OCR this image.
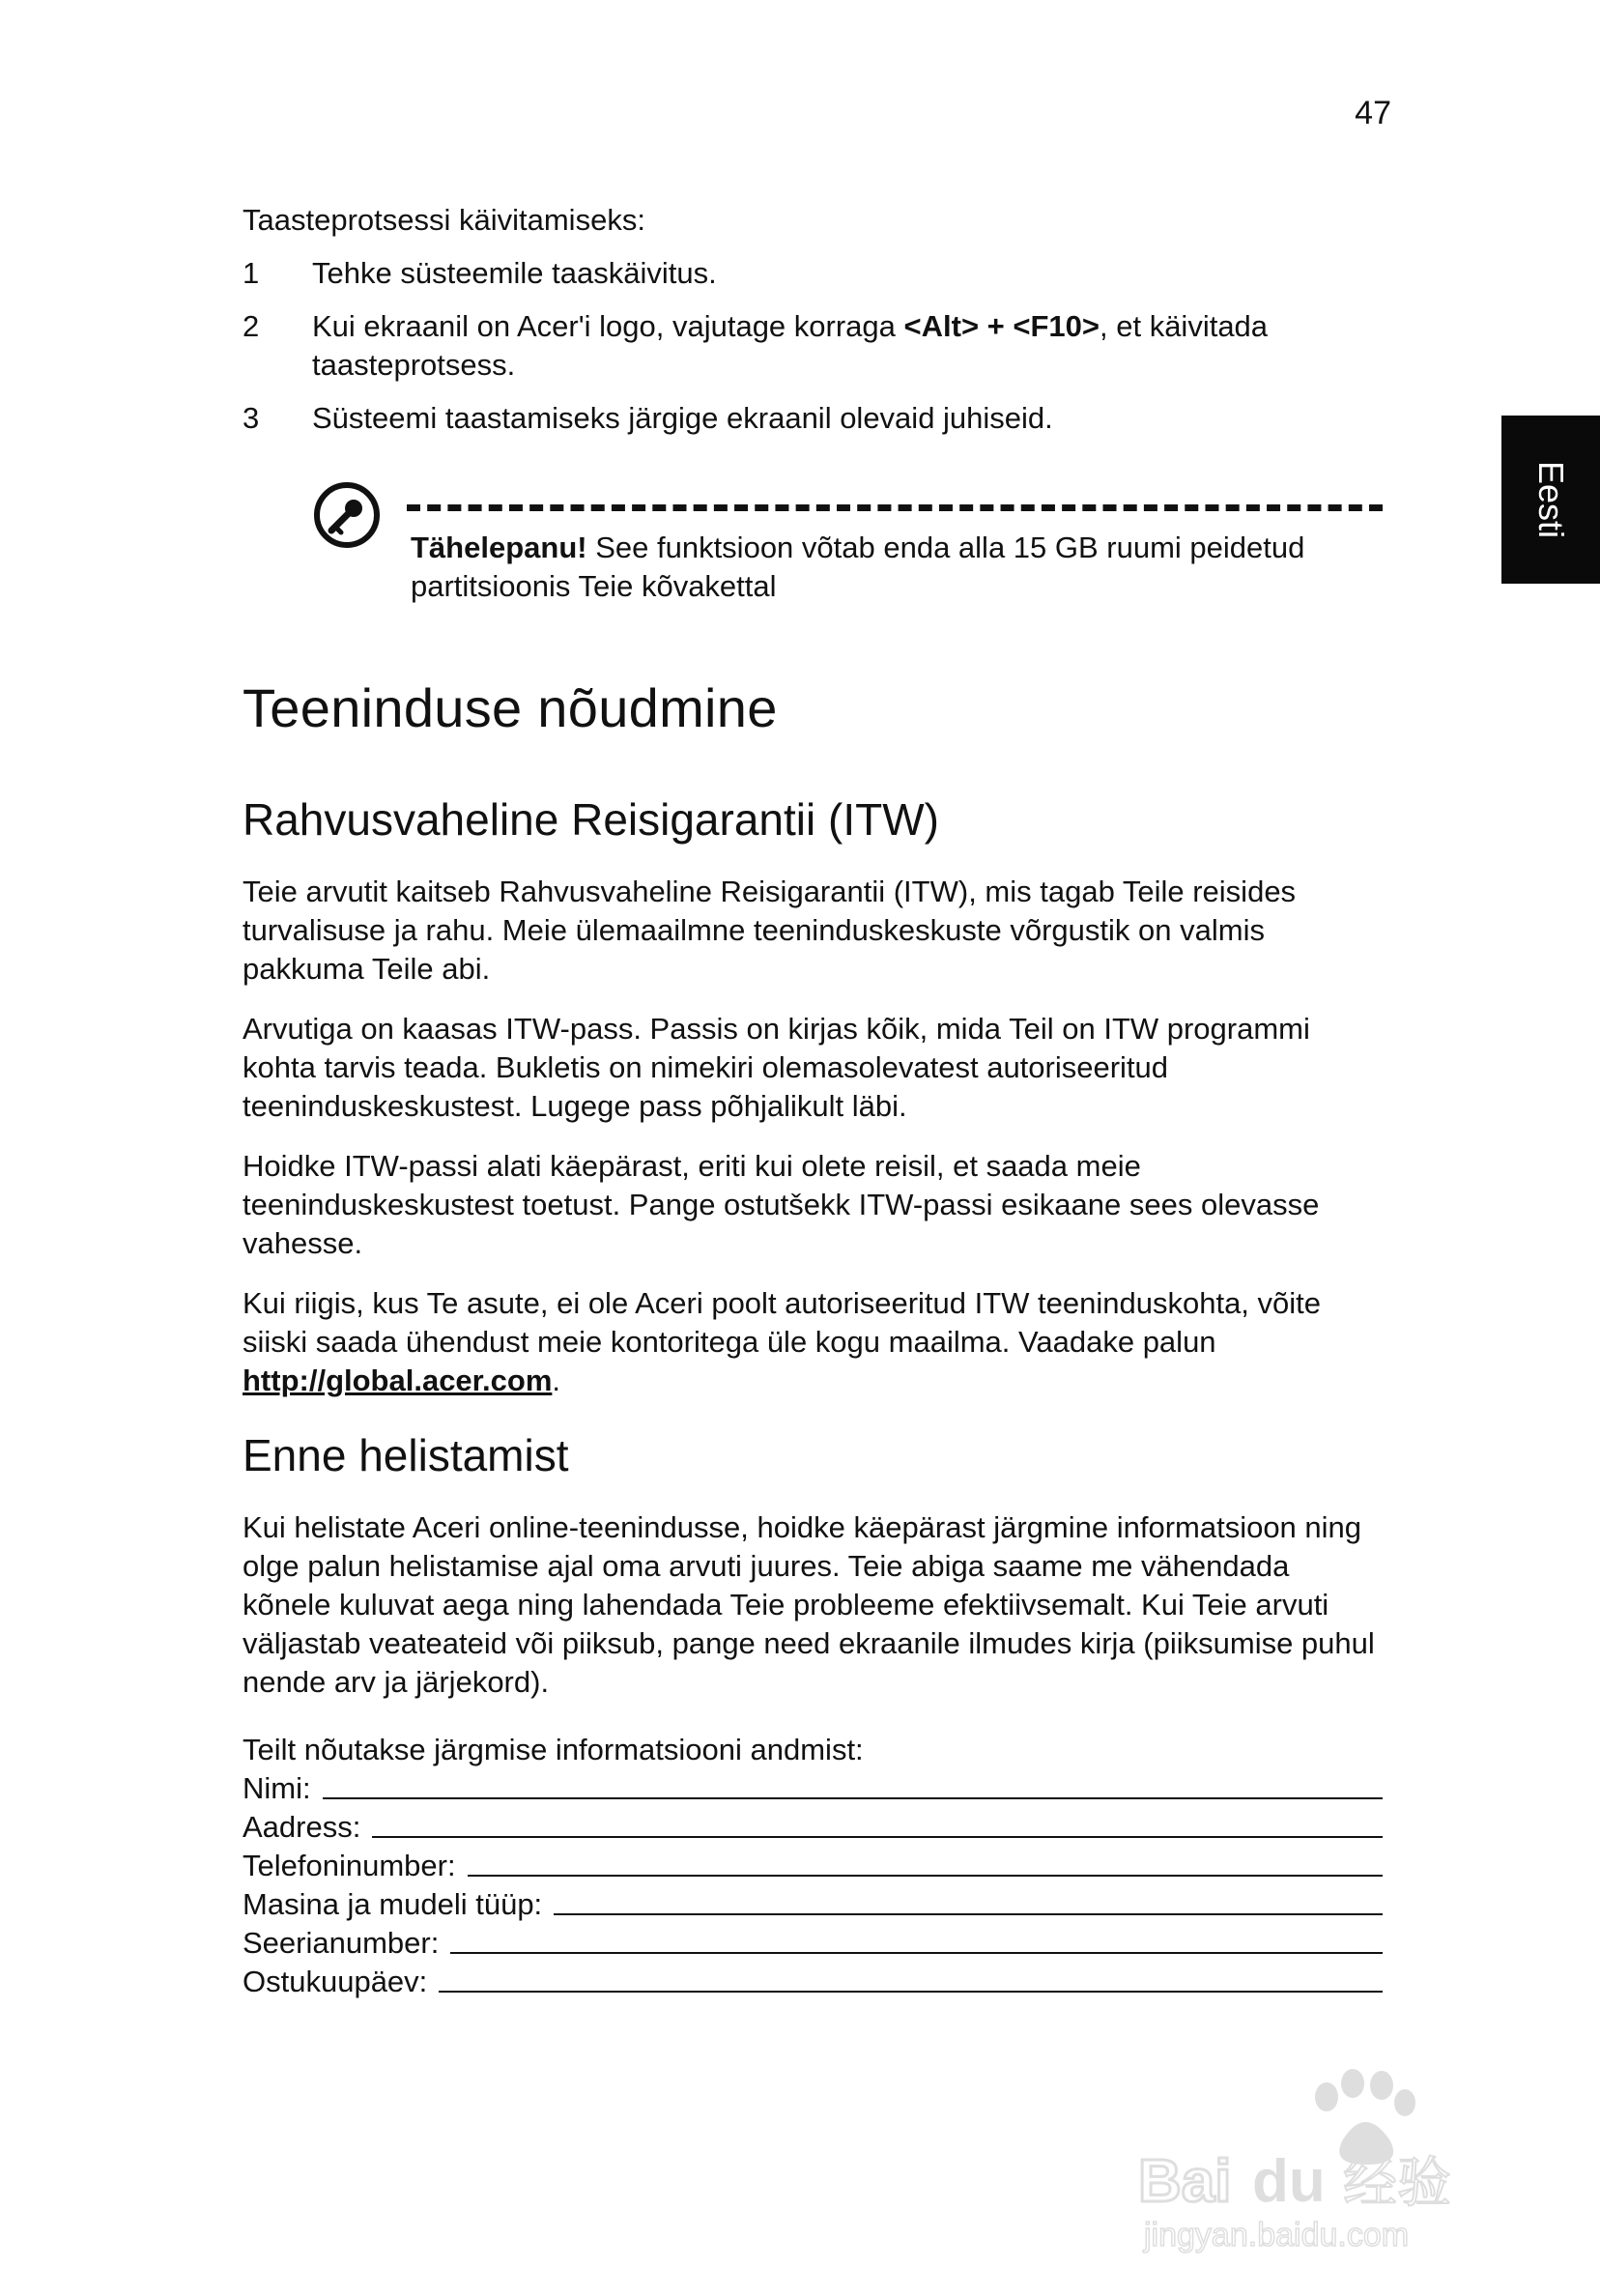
47
Eesti
Taasteprotsessi käivitamiseks:
1	Tehke süsteemile taaskäivitus.
2	Kui ekraanil on Acer'i logo, vajutage korraga <Alt> + <F10>, et käivitada taasteprotsess.
3	Süsteemi taastamiseks järgige ekraanil olevaid juhiseid.
Tähelepanu! See funktsioon võtab enda alla 15 GB ruumi peidetud partitsioonis Teie kõvakettal
Teeninduse nõudmine
Rahvusvaheline Reisigarantii (ITW)

Teie arvutit kaitseb Rahvusvaheline Reisigarantii (ITW), mis tagab Teile reisides turvalisuse ja rahu. Meie ülemaailmne teeninduskeskuste võrgustik on valmis pakkuma Teile abi.

Arvutiga on kaasas ITW-pass. Passis on kirjas kõik, mida Teil on ITW programmi kohta tarvis teada. Bukletis on nimekiri olemasolevatest autoriseeritud teeninduskeskustest. Lugege pass põhjalikult läbi.

Hoidke ITW-passi alati käepärast, eriti kui olete reisil, et saada meie teeninduskeskustest toetust. Pange ostutšekk ITW-passi esikaane sees olevasse vahesse.

Kui riigis, kus Te asute, ei ole Aceri poolt autoriseeritud ITW teeninduskohta, võite siiski saada ühendust meie kontoritega üle kogu maailma. Vaadake palun http://global.acer.com.

Enne helistamist

Kui helistate Aceri online-teenindusse, hoidke käepärast järgmine informatsioon ning olge palun helistamise ajal oma arvuti juures. Teie abiga saame me vähendada kõnele kuluvat aega ning lahendada Teie probleeme efektiivsemalt. Kui Teie arvuti väljastab veateateid või piiksub, pange need ekraanile ilmudes kirja (piiksumise puhul nende arv ja järjekord).

Teilt nõutakse järgmise informatsiooni andmist:
Nimi:
Aadress:
Telefoninumber:
Masina ja mudeli tüüp:
Seerianumber:
Ostukuupäev:
Bai du 经验
jingyan.baidu.com
